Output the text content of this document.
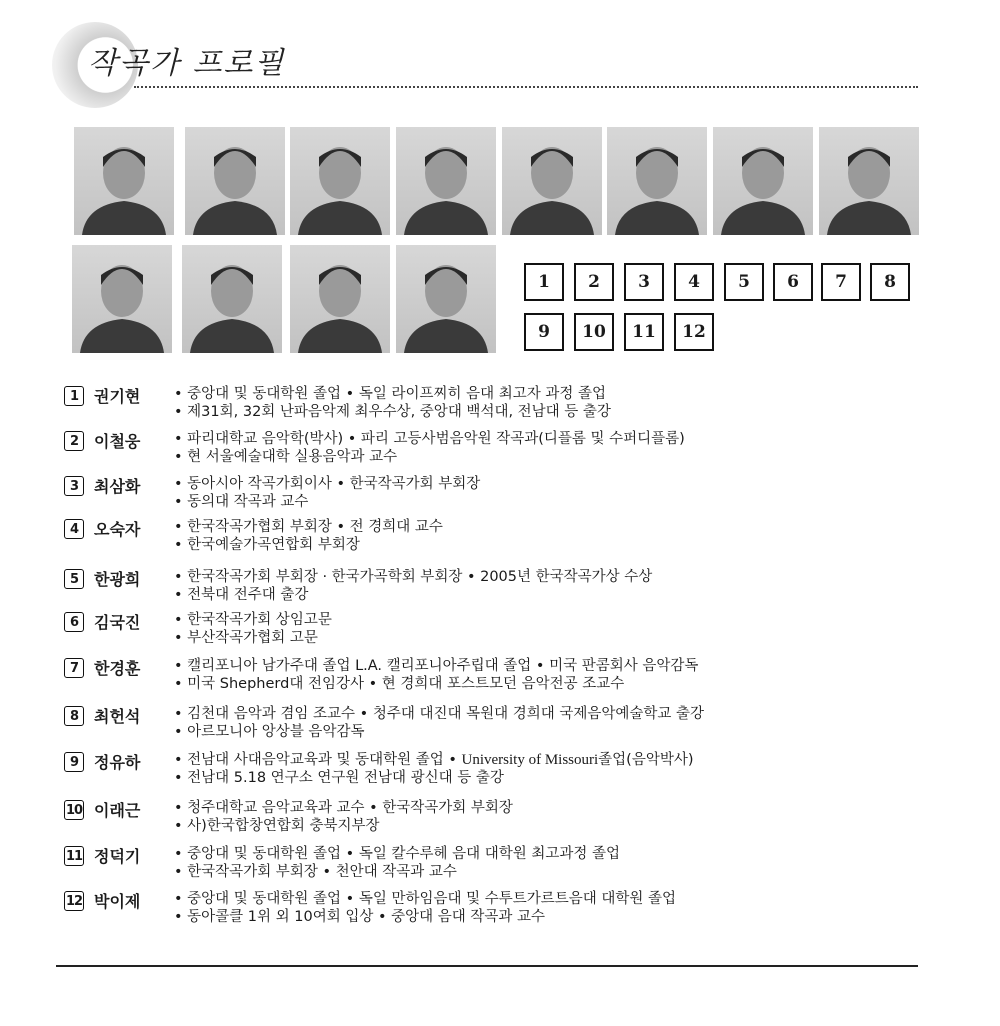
작곡가 프로필
1	2	3	4	5	6	7	8
9	10	11	12
1 권기현 • 중앙대 및 동대학원 졸업 • 독일 라이프찌히 음대 최고자 과정 졸업
• 제31회, 32회 난파음악제 최우수상, 중앙대 백석대, 전남대 등 출강
2 이철웅 • 파리대학교 음악학(박사) • 파리 고등사범음악원 작곡과(디플롬 및 수퍼디플롬)
• 현 서울예술대학 실용음악과 교수
3 최삼화 • 동아시아 작곡가회이사 • 한국작곡가회 부회장
• 동의대 작곡과 교수
4 오숙자 • 한국작곡가협회 부회장 • 전 경희대 교수
• 한국예술가곡연합회 부회장
5 한광희 • 한국작곡가회 부회장 · 한국가곡학회 부회장 • 2005년 한국작곡가상 수상
• 전북대 전주대 출강
6 김국진 • 한국작곡가회 상임고문
• 부산작곡가협회 고문
7 한경훈 • 캘리포니아 남가주대 졸업 L.A. 캘리포니아주립대 졸업 • 미국 판콤회사 음악감독
• 미국 Shepherd대 전임강사 • 현 경희대 포스트모던 음악전공 조교수
8 최헌석 • 김천대 음악과 겸임 조교수 • 청주대 대진대 목원대 경희대 국제음악예술학교 출강
• 아르모니아 앙상블 음악감독
9 정유하 • 전남대 사대음악교육과 및 동대학원 졸업 • University of Missouri졸업(음악박사)
• 전남대 5.18 연구소 연구원 전남대 광신대 등 출강
10 이래근 • 청주대학교 음악교육과 교수 • 한국작곡가회 부회장
• 사)한국합창연합회 충북지부장
11 정덕기 • 중앙대 및 동대학원 졸업 • 독일 칼수루헤 음대 대학원 최고과정 졸업
• 한국작곡가회 부회장 • 천안대 작곡과 교수
12 박이제 • 중앙대 및 동대학원 졸업 • 독일 만하임음대 및 수투트가르트음대 대학원 졸업
• 동아콜클 1위 외 10여회 입상 • 중앙대 음대 작곡과 교수
